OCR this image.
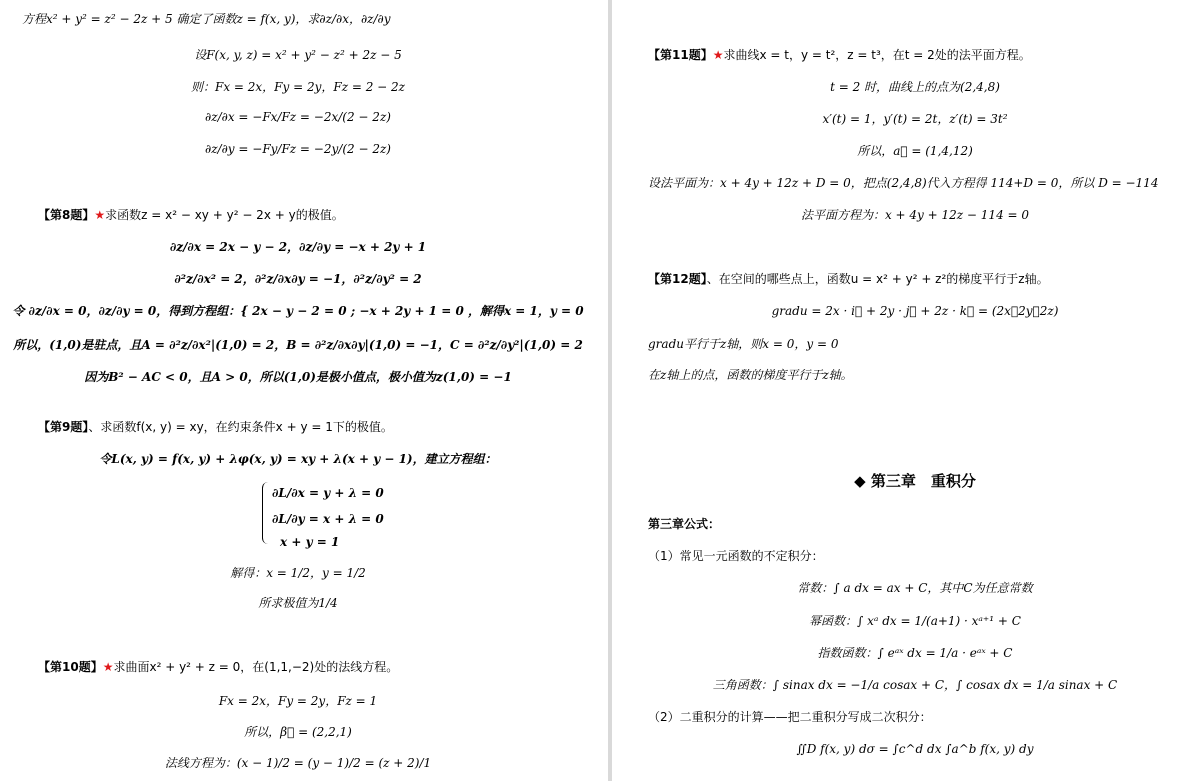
方程x² + y² = z² − 2z + 5 确定了函数z = f(x, y)，求∂z/∂x，∂z/∂y
设F(x, y, z) = x² + y² − z² + 2z − 5
则：Fx = 2x，Fy = 2y，Fz = 2 − 2z
∂z/∂x = −Fx/Fz = −2x/(2 − 2z)
∂z/∂y = −Fy/Fz = −2y/(2 − 2z)
【第8题】★求函数z = x² − xy + y² − 2x + y的极值。
∂z/∂x = 2x − y − 2，∂z/∂y = −x + 2y + 1
∂²z/∂x² = 2，∂²z/∂x∂y = −1，∂²z/∂y² = 2
令 ∂z/∂x = 0，∂z/∂y = 0，得到方程组：{ 2x − y − 2 = 0 ; −x + 2y + 1 = 0 ，解得x = 1，y = 0
所以，(1,0)是驻点，且A = ∂²z/∂x²|(1,0) = 2，B = ∂²z/∂x∂y|(1,0) = −1，C = ∂²z/∂y²|(1,0) = 2
因为B² − AC < 0，且A > 0，所以(1,0)是极小值点，极小值为z(1,0) = −1
【第9题】、求函数f(x, y) = xy，在约束条件x + y = 1下的极值。
令L(x, y) = f(x, y) + λφ(x, y) = xy + λ(x + y − 1)，建立方程组：
∂L/∂x = y + λ = 0
∂L/∂y = x + λ = 0
x + y = 1
解得：x = 1/2，y = 1/2
所求极值为1/4
【第10题】★求曲面x² + y² + z = 0，在(1,1,−2)处的法线方程。
Fx = 2x，Fy = 2y，Fz = 1
所以，β⃗ = (2,2,1)
法线方程为：(x − 1)/2 = (y − 1)/2 = (z + 2)/1
【第11题】★求曲线x = t，y = t²，z = t³，在t = 2处的法平面方程。
t = 2 时，曲线上的点为(2,4,8)
x′(t) = 1，y′(t) = 2t，z′(t) = 3t²
所以，a⃗ = (1,4,12)
设法平面为：x + 4y + 12z + D = 0，把点(2,4,8)代入方程得 114+D = 0，所以 D = −114
法平面方程为：x + 4y + 12z − 114 = 0
【第12题】、在空间的哪些点上，函数u = x² + y² + z²的梯度平行于z轴。
gradu = 2x · i⃗ + 2y · j⃗ + 2z · k⃗ = (2x，2y，2z)
gradu平行于z轴，则x = 0，y = 0
在z轴上的点，函数的梯度平行于z轴。
◆ 第三章　重积分
第三章公式：
（1）常见一元函数的不定积分：
常数：∫ a dx = ax + C，其中C为任意常数
幂函数：∫ xᵃ dx = 1/(a+1) · xᵃ⁺¹ + C
指数函数：∫ eᵃˣ dx = 1/a · eᵃˣ + C
三角函数：∫ sinax dx = −1/a cosax + C，∫ cosax dx = 1/a sinax + C
（2）二重积分的计算——把二重积分写成二次积分：
∬D f(x, y) dσ = ∫c^d dx ∫a^b f(x, y) dy
